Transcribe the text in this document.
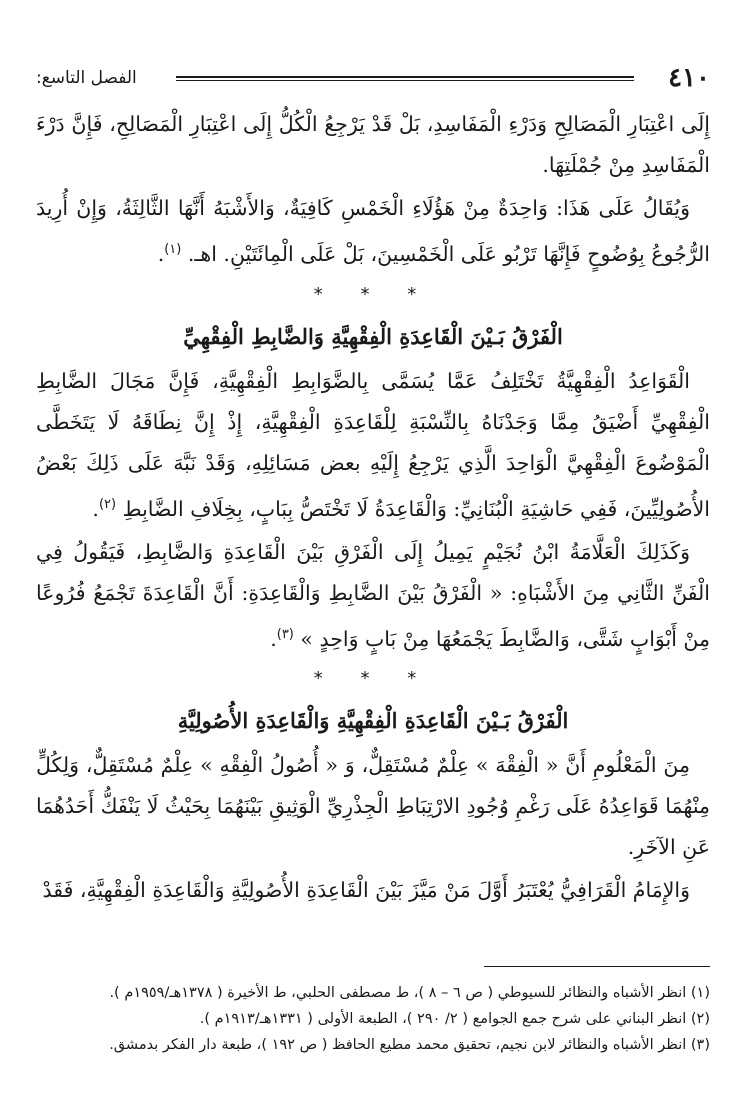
٤١٠
الفصل التاسع:

إِلَى اعْتِبَارِ الْمَصَالِحِ وَدَرْءِ الْمَفَاسِدِ، بَلْ قَدْ يَرْجِعُ الْكُلُّ إِلَى اعْتِبَارِ الْمَصَالِحِ، فَإِنَّ دَرْءَ الْمَفَاسِدِ مِنْ جُمْلَتِهَا.

وَيُقَالُ عَلَى هَذَا: وَاحِدَةٌ مِنْ هَؤُلَاءِ الْخَمْسِ كَافِيَةٌ، وَالأَشْبَهُ أَنَّهَا الثَّالِثَةُ، وَإِنْ أُرِيدَ الرُّجُوعُ بِوُضُوحٍ فَإِنَّهَا تَرْبُو عَلَى الْخَمْسِينَ، بَلْ عَلَى الْمِائَتَيْنِ. اهـ. $^{(١)}$.

* * *
الْفَرْقُ بَـيْنَ الْقَاعِدَةِ الْفِقْهِيَّةِ وَالضَّابِطِ الْفِقْهِيِّ

الْقَوَاعِدُ الْفِقْهِيَّةُ تَخْتَلِفُ عَمَّا يُسَمَّى بِالضَّوَابِطِ الْفِقْهِيَّةِ، فَإِنَّ مَجَالَ الضَّابِطِ الْفِقْهِيِّ أَضْيَقُ مِمَّا وَجَدْنَاهُ بِالنِّسْبَةِ لِلْقَاعِدَةِ الْفِقْهِيَّةِ، إِذْ إِنَّ نِطَاقَهُ لَا يَتَخَطَّى الْمَوْضُوعَ الْفِقْهِيَّ الْوَاحِدَ الَّذِي يَرْجِعُ إِلَيْهِ بعض مَسَائِلِهِ، وَقَدْ نَبَّهَ عَلَى ذَلِكَ بَعْضُ الأُصُولِيِّينَ، فَفِي حَاشِيَةِ الْبُنَانِيِّ: وَالْقَاعِدَةُ لَا تَخْتَصُّ بِبَابٍ، بِخِلَافِ الضَّابِطِ $^{(٢)}$.

وَكَذَلِكَ الْعَلَّامَةُ ابْنُ نُجَيْمٍ يَمِيلُ إِلَى الْفَرْقِ بَيْنَ الْقَاعِدَةِ وَالضَّابِطِ، فَيَقُولُ فِي الْفَنِّ الثَّانِي مِنَ الأَشْبَاهِ: « الْفَرْقُ بَيْنَ الضَّابِطِ وَالْقَاعِدَةِ: أَنَّ الْقَاعِدَةَ تَجْمَعُ فُرُوعًا مِنْ أَبْوَابٍ شَتَّى، وَالضَّابِطَ يَجْمَعُهَا مِنْ بَابٍ وَاحِدٍ » $^{(٣)}$.

* * *
الْفَرْقُ بَـيْنَ الْقَاعِدَةِ الْفِقْهِيَّةِ وَالْقَاعِدَةِ الأُصُولِيَّةِ

مِنَ الْمَعْلُومِ أَنَّ « الْفِقْهَ » عِلْمٌ مُسْتَقِلٌّ، وَ « أُصُولُ الْفِقْهِ » عِلْمٌ مُسْتَقِلٌّ، وَلِكُلٍّ مِنْهُمَا قَوَاعِدُهُ عَلَى رَغْمِ وُجُودِ الارْتِبَاطِ الْجِذْرِيِّ الْوَثِيقِ بَيْنَهُمَا بِحَيْثُ لَا يَنْفَكُّ أَحَدُهُمَا عَنِ الآخَرِ.

وَالإِمَامُ الْقَرَافِيُّ يُعْتَبَرُ أَوَّلَ مَنْ مَيَّزَ بَيْنَ الْقَاعِدَةِ الأُصُولِيَّةِ وَالْقَاعِدَةِ الْفِقْهِيَّةِ، فَقَدْ

(١) انظر الأشباه والنظائر للسيوطي ( ص ٦ – ٨ )، ط مصطفى الحلبي، ط الأخيرة ( ١٣٧٨هـ/١٩٥٩م ).

(٢) انظر البناني على شرح جمع الجوامع ( ٢/ ٢٩٠ )، الطبعة الأولى ( ١٣٣١هـ/١٩١٣م ).

(٣) انظر الأشباه والنظائر لابن نجيم، تحقيق محمد مطيع الحافظ ( ص ١٩٢ )، طبعة دار الفكر بدمشق.
